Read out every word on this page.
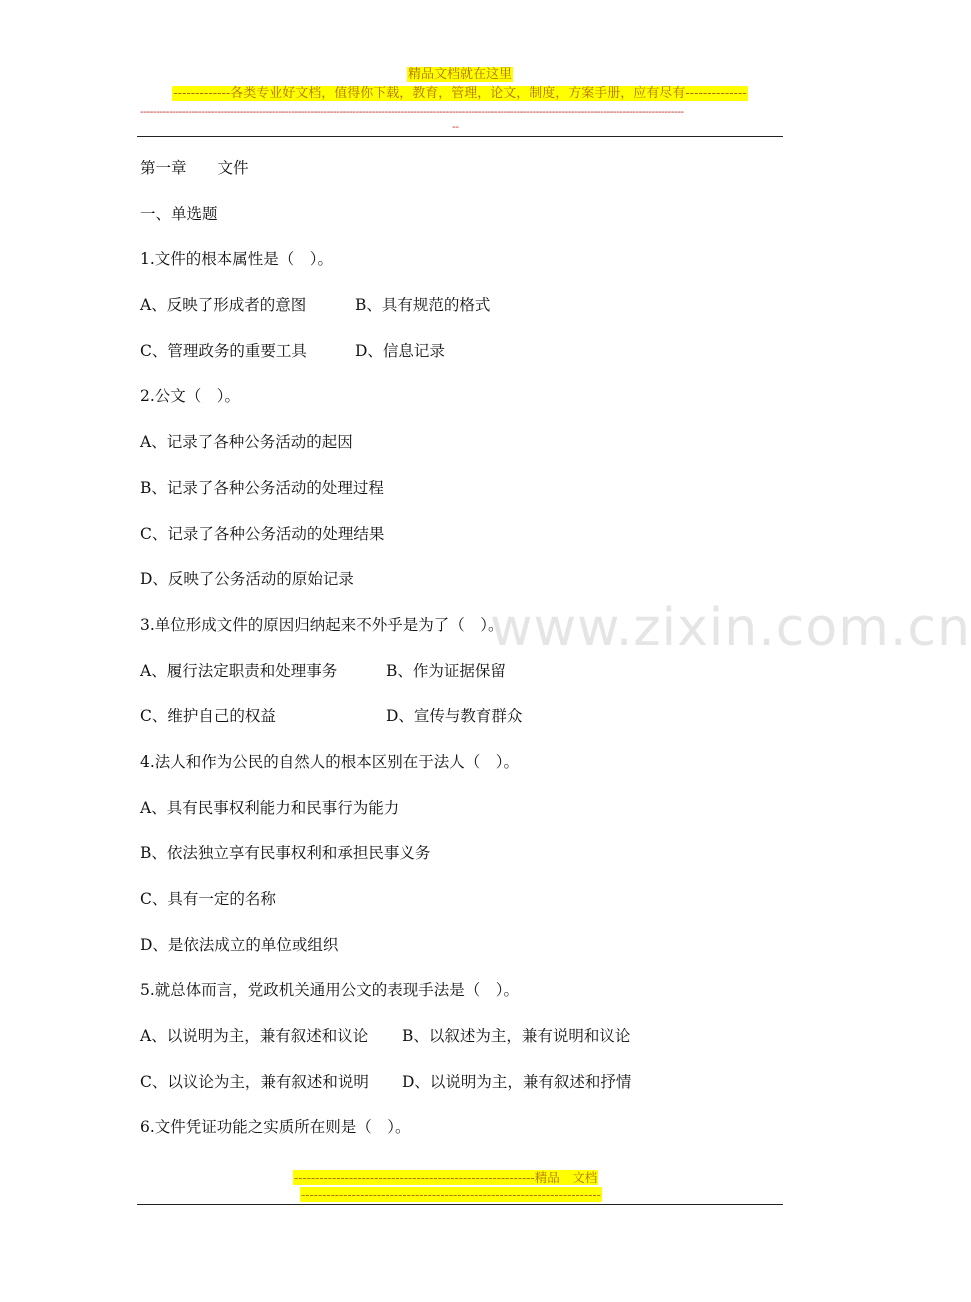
精品文档就在这里
-------------各类专业好文档，值得你下载，教育，管理，论文，制度，方案手册，应有尽有--------------
-------------------------------------------------------------------------------------------------------------------------------------------------------------------------
--
www.zixin.com.cn
第一章　　文件
一、单选题
1.文件的根本属性是（　）。
A、反映了形成者的意图	B、具有规范的格式
C、管理政务的重要工具	D、信息记录
2.公文（　）。
A、记录了各种公务活动的起因
B、记录了各种公务活动的处理过程
C、记录了各种公务活动的处理结果
D、反映了公务活动的原始记录
3.单位形成文件的原因归纳起来不外乎是为了（　）。
A、履行法定职责和处理事务	B、作为证据保留
C、维护自己的权益	D、宣传与教育群众
4.法人和作为公民的自然人的根本区别在于法人（　）。
A、具有民事权利能力和民事行为能力
B、依法独立享有民事权利和承担民事义务
C、具有一定的名称
D、是依法成立的单位或组织
5.就总体而言，党政机关通用公文的表现手法是（　）。
A、以说明为主，兼有叙述和议论 B、以叙述为主，兼有说明和议论
C、以议论为主，兼有叙述和说明 D、以说明为主，兼有叙述和抒情
6.文件凭证功能之实质所在则是（　）。
---------------------------------------------------------精品　文档
-----------------------------------------------------------------------
